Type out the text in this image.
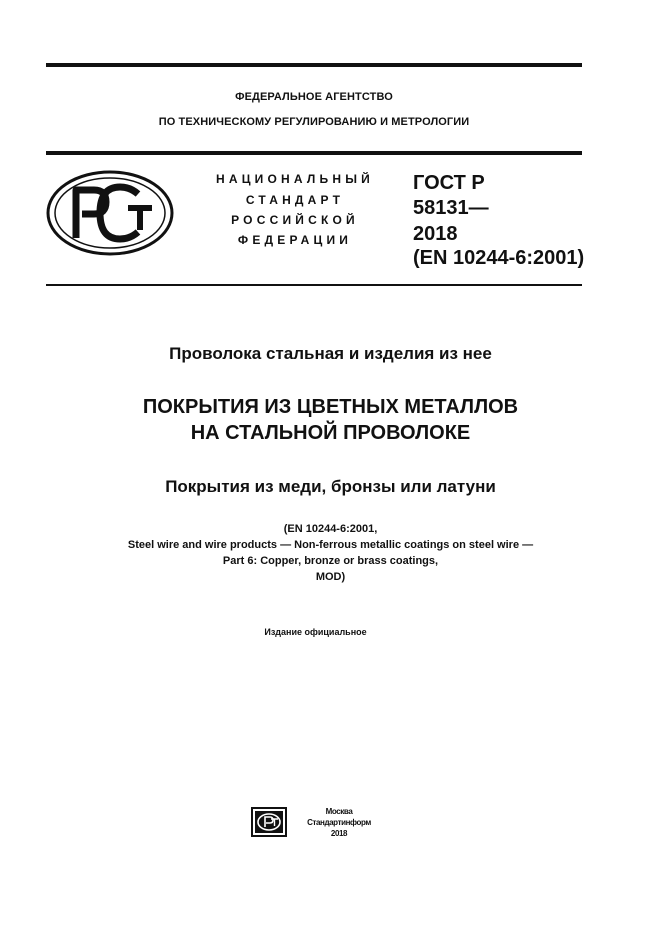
ФЕДЕРАЛЬНОЕ АГЕНТСТВО
ПО ТЕХНИЧЕСКОМУ РЕГУЛИРОВАНИЮ И МЕТРОЛОГИИ
НАЦИОНАЛЬНЫЙ
СТАНДАРТ
РОССИЙСКОЙ
ФЕДЕРАЦИИ
ГОСТ Р
58131—
2018
(EN 10244-6:2001)
Проволока стальная и изделия из нее
ПОКРЫТИЯ ИЗ ЦВЕТНЫХ МЕТАЛЛОВ
НА СТАЛЬНОЙ ПРОВОЛОКЕ
Покрытия из меди, бронзы или латуни
(EN 10244-6:2001,
Steel wire and wire products — Non-ferrous metallic coatings on steel wire —
Part 6: Copper, bronze or brass coatings,
MOD)
Издание официальное
Москва
Стандартинформ
2018
